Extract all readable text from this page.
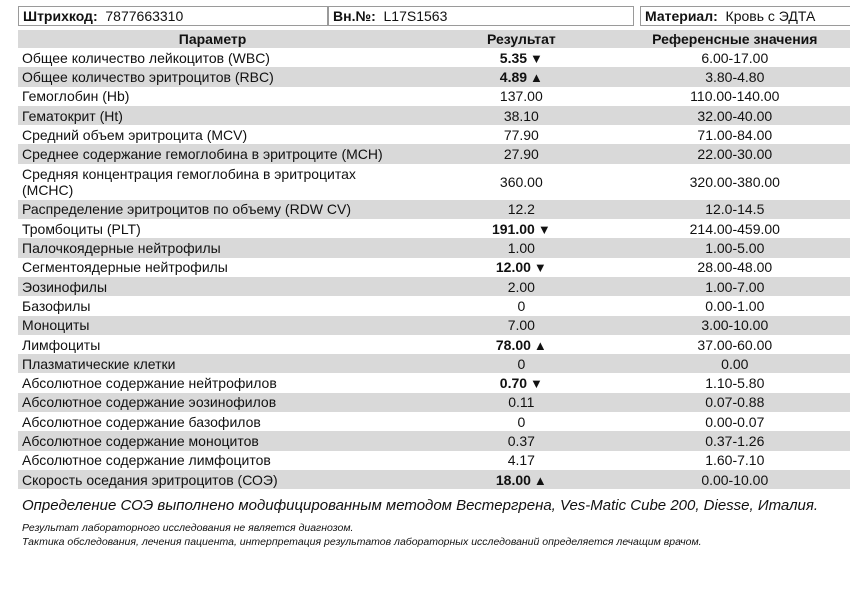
Штрихкод: 7877663310	Вн.№: L17S1563	Материал: Кровь с ЭДТА
Параметр	Результат	Референсные значения
Общее количество лейкоцитов (WBC)	5.35 ▼	6.00-17.00
Общее количество эритроцитов (RBC)	4.89 ▲	3.80-4.80
Гемоглобин (Hb)	137.00	110.00-140.00
Гематокрит (Ht)	38.10	32.00-40.00
Средний объем эритроцита (MCV)	77.90	71.00-84.00
Среднее содержание гемоглобина в эритроците (MCH)	27.90	22.00-30.00
Средняя концентрация гемоглобина в эритроцитах (MCHC)	360.00	320.00-380.00
Распределение эритроцитов по объему (RDW CV)	12.2	12.0-14.5
Тромбоциты (PLT)	191.00 ▼	214.00-459.00
Палочкоядерные нейтрофилы	1.00	1.00-5.00
Сегментоядерные нейтрофилы	12.00 ▼	28.00-48.00
Эозинофилы	2.00	1.00-7.00
Базофилы	0	0.00-1.00
Моноциты	7.00	3.00-10.00
Лимфоциты	78.00 ▲	37.00-60.00
Плазматические клетки	0	0.00
Абсолютное содержание нейтрофилов	0.70 ▼	1.10-5.80
Абсолютное содержание эозинофилов	0.11	0.07-0.88
Абсолютное содержание базофилов	0	0.00-0.07
Абсолютное содержание моноцитов	0.37	0.37-1.26
Абсолютное содержание лимфоцитов	4.17	1.60-7.10
Скорость оседания эритроцитов (СОЭ)	18.00 ▲	0.00-10.00
Определение СОЭ выполнено модифицированным методом Вестергрена, Ves-Matic Cube 200, Diesse, Италия.
Результат лабораторного исследования не является диагнозом.
Тактика обследования, лечения пациента, интерпретация результатов лабораторных исследований определяется лечащим врачом.
